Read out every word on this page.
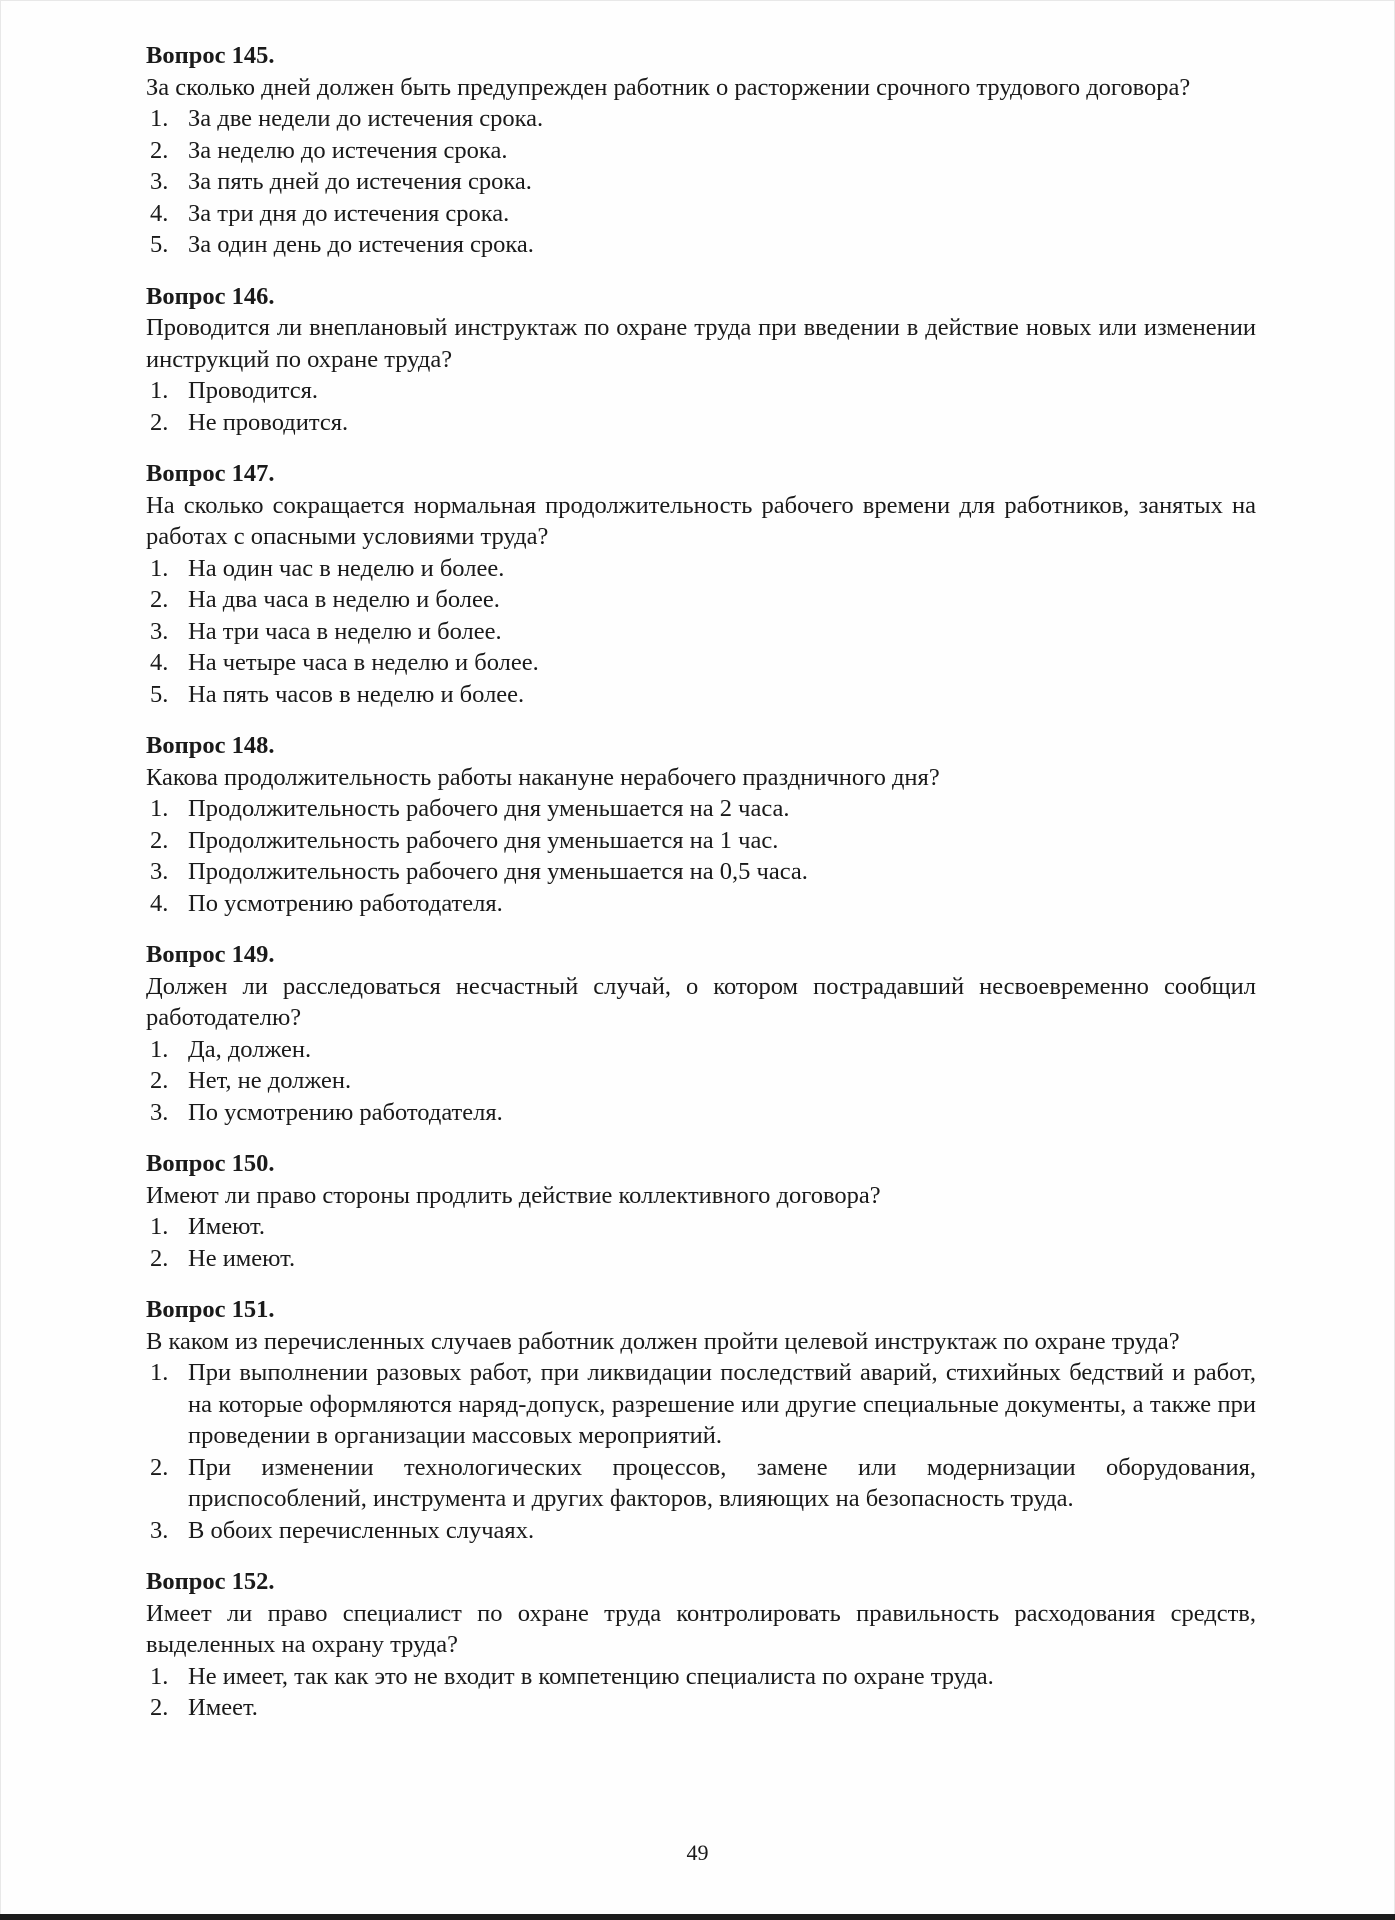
Вопрос 145.
За сколько дней должен быть предупрежден работник о расторжении срочного трудового договора?
1. За две недели до истечения срока.
2. За неделю до истечения срока.
3. За пять дней до истечения срока.
4. За три дня до истечения срока.
5. За один день до истечения срока.
Вопрос 146.
Проводится ли внеплановый инструктаж по охране труда при введении в действие новых или изменении инструкций по охране труда?
1. Проводится.
2. Не проводится.
Вопрос 147.
На сколько сокращается нормальная продолжительность рабочего времени для работников, занятых на работах с опасными условиями труда?
1. На один час в неделю и более.
2. На два часа в неделю и более.
3. На три часа в неделю и более.
4. На четыре часа в неделю и более.
5. На пять часов в неделю и более.
Вопрос 148.
Какова продолжительность работы накануне нерабочего праздничного дня?
1. Продолжительность рабочего дня уменьшается на 2 часа.
2. Продолжительность рабочего дня уменьшается на 1 час.
3. Продолжительность рабочего дня уменьшается на 0,5 часа.
4. По усмотрению работодателя.
Вопрос 149.
Должен ли расследоваться несчастный случай, о котором пострадавший несвоевременно сообщил работодателю?
1. Да, должен.
2. Нет, не должен.
3. По усмотрению работодателя.
Вопрос 150.
Имеют ли право стороны продлить действие коллективного договора?
1. Имеют.
2. Не имеют.
Вопрос 151.
В каком из перечисленных случаев работник должен пройти целевой инструктаж по охране труда?
1. При выполнении разовых работ, при ликвидации последствий аварий, стихийных бедствий и работ, на которые оформляются наряд-допуск, разрешение или другие специальные документы, а также при проведении в организации массовых мероприятий.
2. При изменении технологических процессов, замене или модернизации оборудования, приспособлений, инструмента и других факторов, влияющих на безопасность труда.
3. В обоих перечисленных случаях.
Вопрос 152.
Имеет ли право специалист по охране труда контролировать правильность расходования средств, выделенных на охрану труда?
1. Не имеет, так как это не входит в компетенцию специалиста по охране труда.
2. Имеет.
49
